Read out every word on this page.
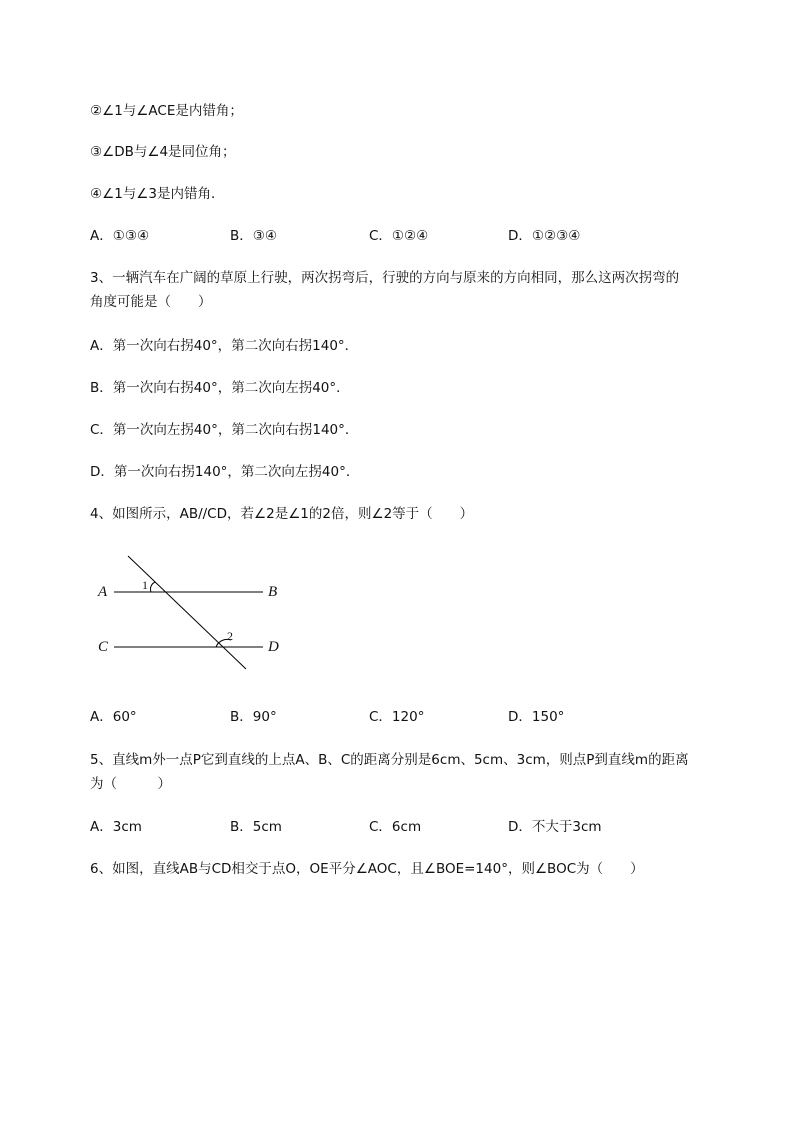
②∠1与∠ACE是内错角；
③∠DB与∠4是同位角；
④∠1与∠3是内错角．
A．①③④	B．③④	C．①②④	D．①②③④
3、一辆汽车在广阔的草原上行驶，两次拐弯后，行驶的方向与原来的方向相同，那么这两次拐弯的
角度可能是（　　）
A．第一次向右拐40°，第二次向右拐140°．
B．第一次向右拐40°，第二次向左拐40°．
C．第一次向左拐40°，第二次向右拐140°．
D．第一次向右拐140°，第二次向左拐40°．
4、如图所示，AB//CD，若∠2是∠1的2倍，则∠2等于（　　）
A	B
C	D
1
2
A．60°	B．90°	C．120°	D．150°
5、直线m外一点P它到直线的上点A、B、C的距离分别是6cm、5cm、3cm，则点P到直线m的距离
为（　　　）
A．3cm	B．5cm	C．6cm	D．不大于3cm
6、如图，直线AB与CD相交于点O，OE平分∠AOC，且∠BOE=140°，则∠BOC为（　　）
